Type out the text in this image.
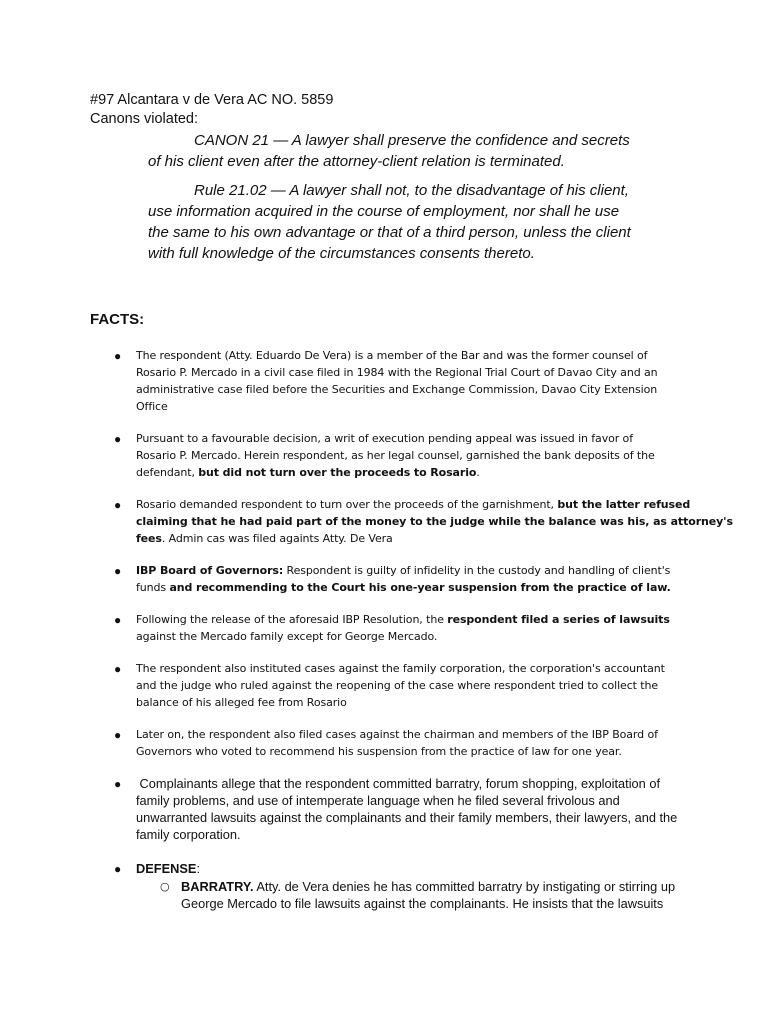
#97 Alcantara v de Vera AC NO. 5859
Canons violated:
CANON 21 — A lawyer shall preserve the confidence and secrets
of his client even after the attorney-client relation is terminated.
Rule 21.02 — A lawyer shall not, to the disadvantage of his client,
use information acquired in the course of employment, nor shall he use
the same to his own advantage or that of a third person, unless the client
with full knowledge of the circumstances consents thereto.
FACTS:
● The respondent (Atty. Eduardo De Vera) is a member of the Bar and was the former counsel of

Rosario P. Mercado in a civil case filed in 1984 with the Regional Trial Court of Davao City and an

administrative case filed before the Securities and Exchange Commission, Davao City Extension

Office

● Pursuant to a favourable decision, a writ of execution pending appeal was issued in favor of

Rosario P. Mercado. Herein respondent, as her legal counsel, garnished the bank deposits of the

defendant, but did not turn over the proceeds to Rosario.

● Rosario demanded respondent to turn over the proceeds of the garnishment, but the latter refused

claiming that he had paid part of the money to the judge while the balance was his, as attorney's

fees. Admin cas was filed againts Atty. De Vera

● IBP Board of Governors: Respondent is guilty of infidelity in the custody and handling of client's

funds and recommending to the Court his one-year suspension from the practice of law.

● Following the release of the aforesaid IBP Resolution, the respondent filed a series of lawsuits

against the Mercado family except for George Mercado.

● The respondent also instituted cases against the family corporation, the corporation's accountant

and the judge who ruled against the reopening of the case where respondent tried to collect the

balance of his alleged fee from Rosario

● Later on, the respondent also filed cases against the chairman and members of the IBP Board of

Governors who voted to recommend his suspension from the practice of law for one year.

● Complainants allege that the respondent committed barratry, forum shopping, exploitation of

family problems, and use of intemperate language when he filed several frivolous and

unwarranted lawsuits against the complainants and their family members, their lawyers, and the

family corporation.

● DEFENSE:
○ BARRATRY. Atty. de Vera denies he has committed barratry by instigating or stirring up
George Mercado to file lawsuits against the complainants. He insists that the lawsuits
